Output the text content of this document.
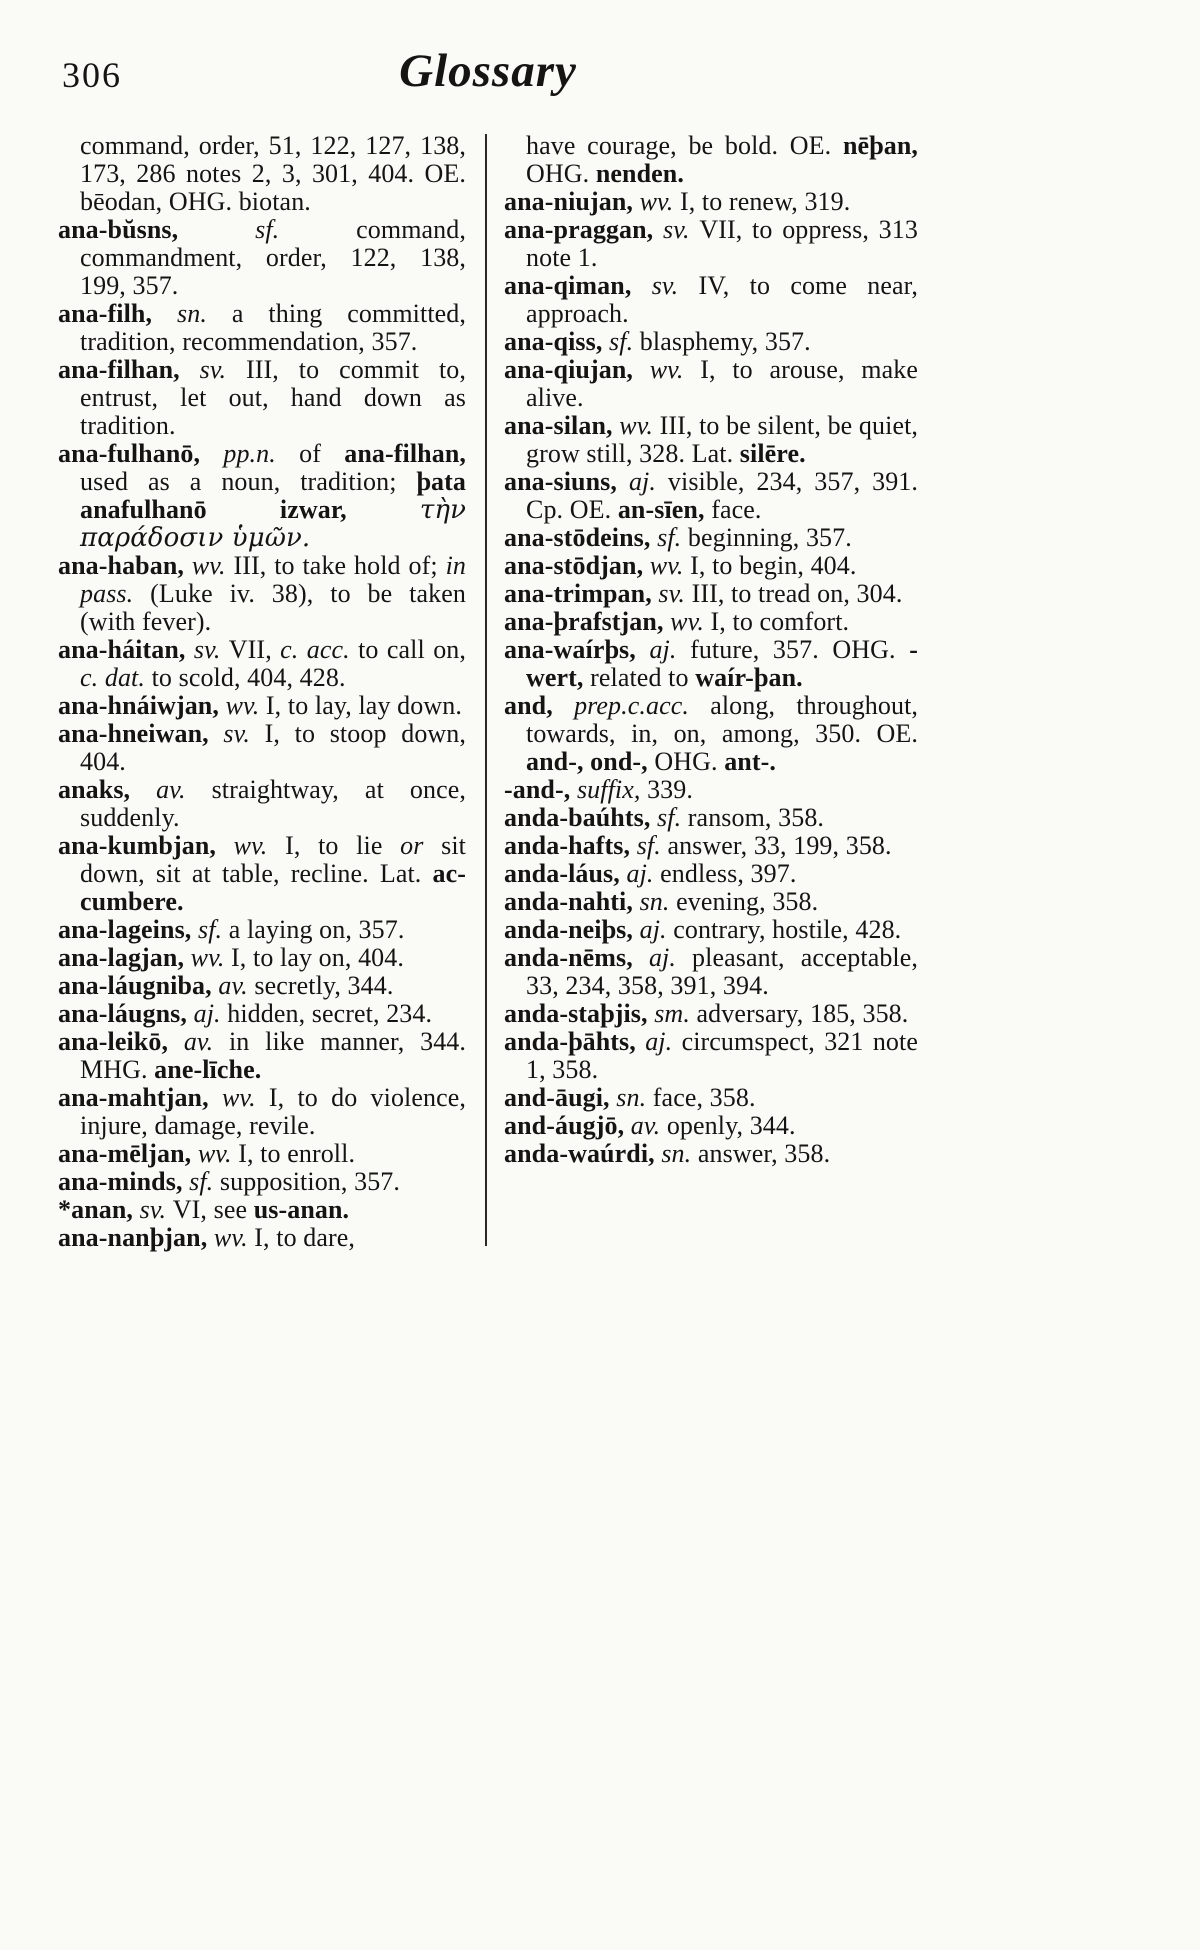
306	Glossary
command, order, 51, 122, 127, 138, 173, 286 notes 2, 3, 301, 404. OE. bēodan, OHG. biotan.
ana-bŭsns, sf. command, commandment, order, 122, 138, 199, 357.
ana-filh, sn. a thing committed, tradition, recommendation, 357.
ana-filhan, sv. III, to commit to, entrust, let out, hand down as tradition.
ana-fulhanō, pp.n. of ana-filhan, used as a noun, tradition; þata anafulhanō izwar, τὴν παράδοσιν ὑμῶν.
ana-haban, wv. III, to take hold of; in pass. (Luke iv. 38), to be taken (with fever).
ana-háitan, sv. VII, c. acc. to call on, c. dat. to scold, 404, 428.
ana-hnáiwjan, wv. I, to lay, lay down.
ana-hneiwan, sv. I, to stoop down, 404.
anaks, av. straightway, at once, suddenly.
ana-kumbjan, wv. I, to lie or sit down, sit at table, recline. Lat. ac-cumbere.
ana-lageins, sf. a laying on, 357.
ana-lagjan, wv. I, to lay on, 404.
ana-láugniba, av. secretly, 344.
ana-láugns, aj. hidden, secret, 234.
ana-leikō, av. in like manner, 344. MHG. ane-līche.
ana-mahtjan, wv. I, to do violence, injure, damage, revile.
ana-mēljan, wv. I, to enroll.
ana-minds, sf. supposition, 357.
*anan, sv. VI, see us-anan.
ana-nanþjan, wv. I, to dare,
have courage, be bold. OE. nēþan, OHG. nenden.
ana-niujan, wv. I, to renew, 319.
ana-praggan, sv. VII, to oppress, 313 note 1.
ana-qiman, sv. IV, to come near, approach.
ana-qiss, sf. blasphemy, 357.
ana-qiujan, wv. I, to arouse, make alive.
ana-silan, wv. III, to be silent, be quiet, grow still, 328. Lat. silēre.
ana-siuns, aj. visible, 234, 357, 391. Cp. OE. an-sīen, face.
ana-stōdeins, sf. beginning, 357.
ana-stōdjan, wv. I, to begin, 404.
ana-trimpan, sv. III, to tread on, 304.
ana-þrafstjan, wv. I, to comfort.
ana-waírþs, aj. future, 357. OHG. -wert, related to waír-þan.
and, prep.c.acc. along, throughout, towards, in, on, among, 350. OE. and-, ond-, OHG. ant-.
-and-, suffix, 339.
anda-baúhts, sf. ransom, 358.
anda-hafts, sf. answer, 33, 199, 358.
anda-láus, aj. endless, 397.
anda-nahti, sn. evening, 358.
anda-neiþs, aj. contrary, hostile, 428.
anda-nēms, aj. pleasant, acceptable, 33, 234, 358, 391, 394.
anda-staþjis, sm. adversary, 185, 358.
anda-þāhts, aj. circumspect, 321 note 1, 358.
and-āugi, sn. face, 358.
and-áugjō, av. openly, 344.
anda-waúrdi, sn. answer, 358.
